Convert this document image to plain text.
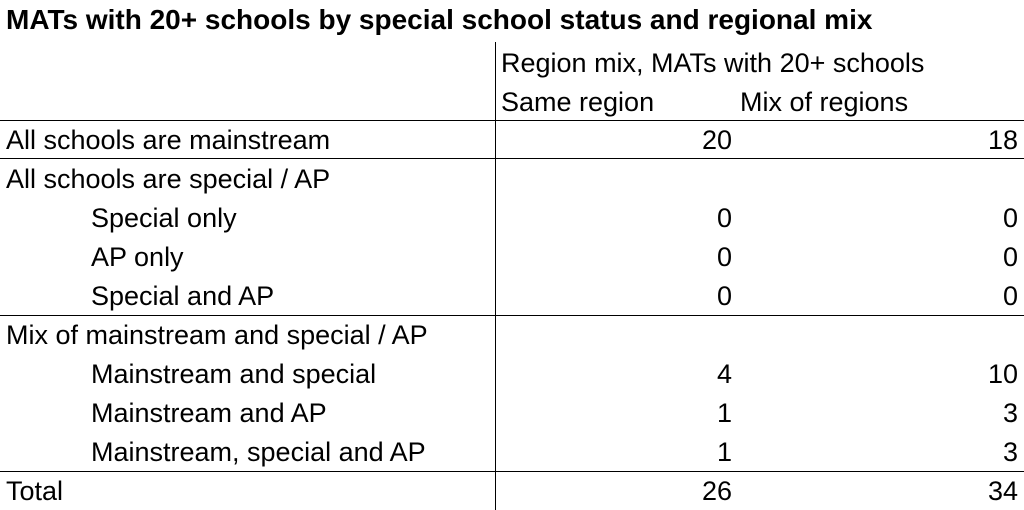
MATs with 20+ schools by special school status and regional mix
Region mix, MATs with 20+ schools
Same region	Mix of regions
All schools are mainstream	20	18
All schools are special / AP
Special only	0	0
AP only	0	0
Special and AP	0	0
Mix of mainstream and special / AP
Mainstream and special	4	10
Mainstream and AP	1	3
Mainstream, special and AP	1	3
Total	26	34
